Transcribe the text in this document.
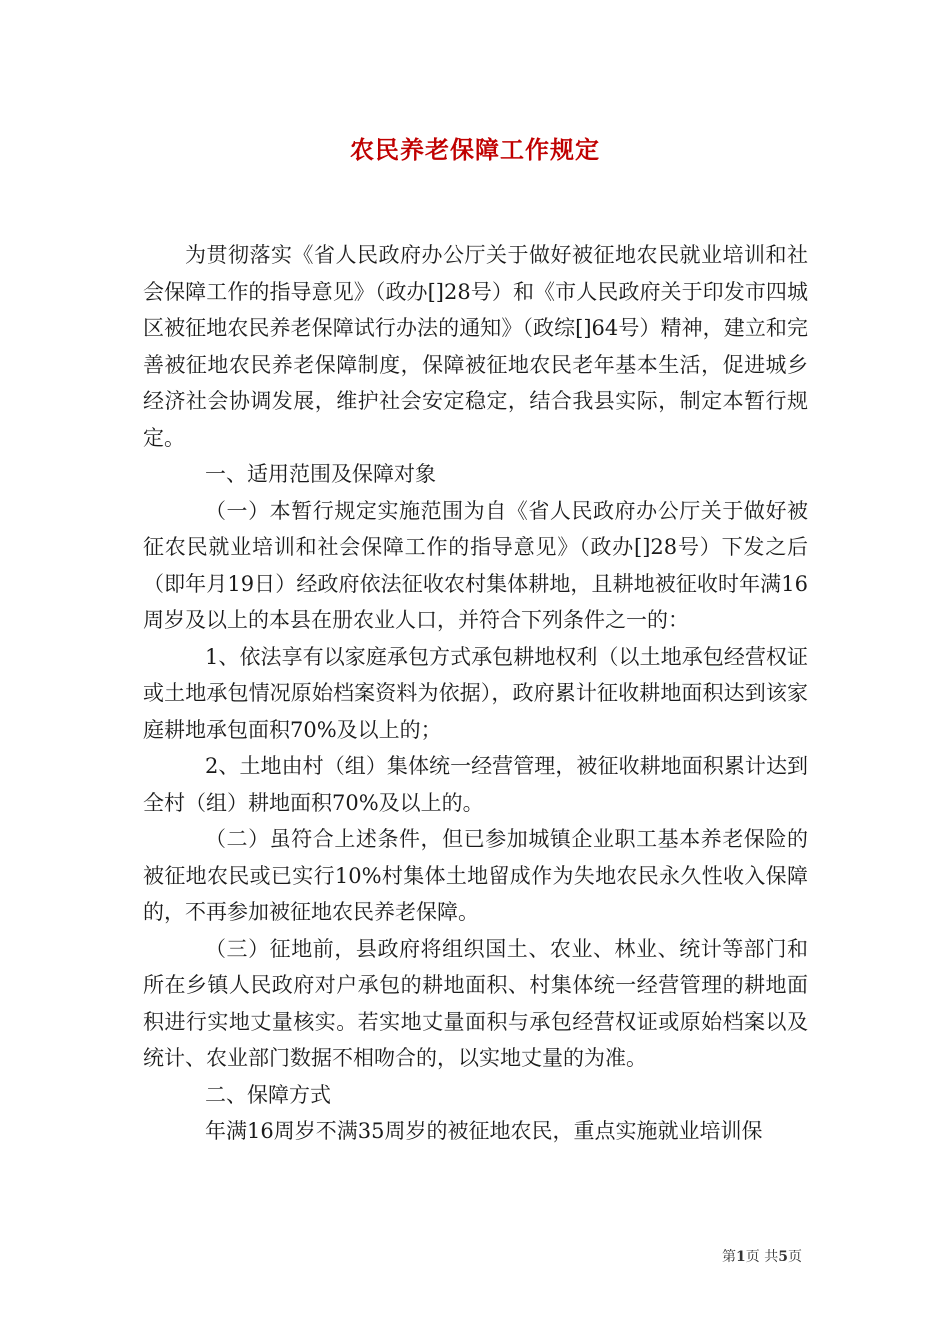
农民养老保障工作规定

为贯彻落实《省人民政府办公厅关于做好被征地农民就业培训和社会保障工作的指导意见》（政办[]28号）和《市人民政府关于印发市四城区被征地农民养老保障试行办法的通知》（政综[]64号）精神，建立和完善被征地农民养老保障制度，保障被征地农民老年基本生活，促进城乡经济社会协调发展，维护社会安定稳定，结合我县实际，制定本暂行规定。

一、适用范围及保障对象

（一）本暂行规定实施范围为自《省人民政府办公厅关于做好被征农民就业培训和社会保障工作的指导意见》（政办[]28号）下发之后（即年月19日）经政府依法征收农村集体耕地，且耕地被征收时年满16周岁及以上的本县在册农业人口，并符合下列条件之一的：

1、依法享有以家庭承包方式承包耕地权利（以土地承包经营权证或土地承包情况原始档案资料为依据），政府累计征收耕地面积达到该家庭耕地承包面积70%及以上的；

2、土地由村（组）集体统一经营管理，被征收耕地面积累计达到全村（组）耕地面积70%及以上的。

（二）虽符合上述条件，但已参加城镇企业职工基本养老保险的被征地农民或已实行10%村集体土地留成作为失地农民永久性收入保障的，不再参加被征地农民养老保障。

（三）征地前，县政府将组织国土、农业、林业、统计等部门和所在乡镇人民政府对户承包的耕地面积、村集体统一经营管理的耕地面积进行实地丈量核实。若实地丈量面积与承包经营权证或原始档案以及统计、农业部门数据不相吻合的，以实地丈量的为准。

二、保障方式

年满16周岁不满35周岁的被征地农民，重点实施就业培训保

第1页 共5页
